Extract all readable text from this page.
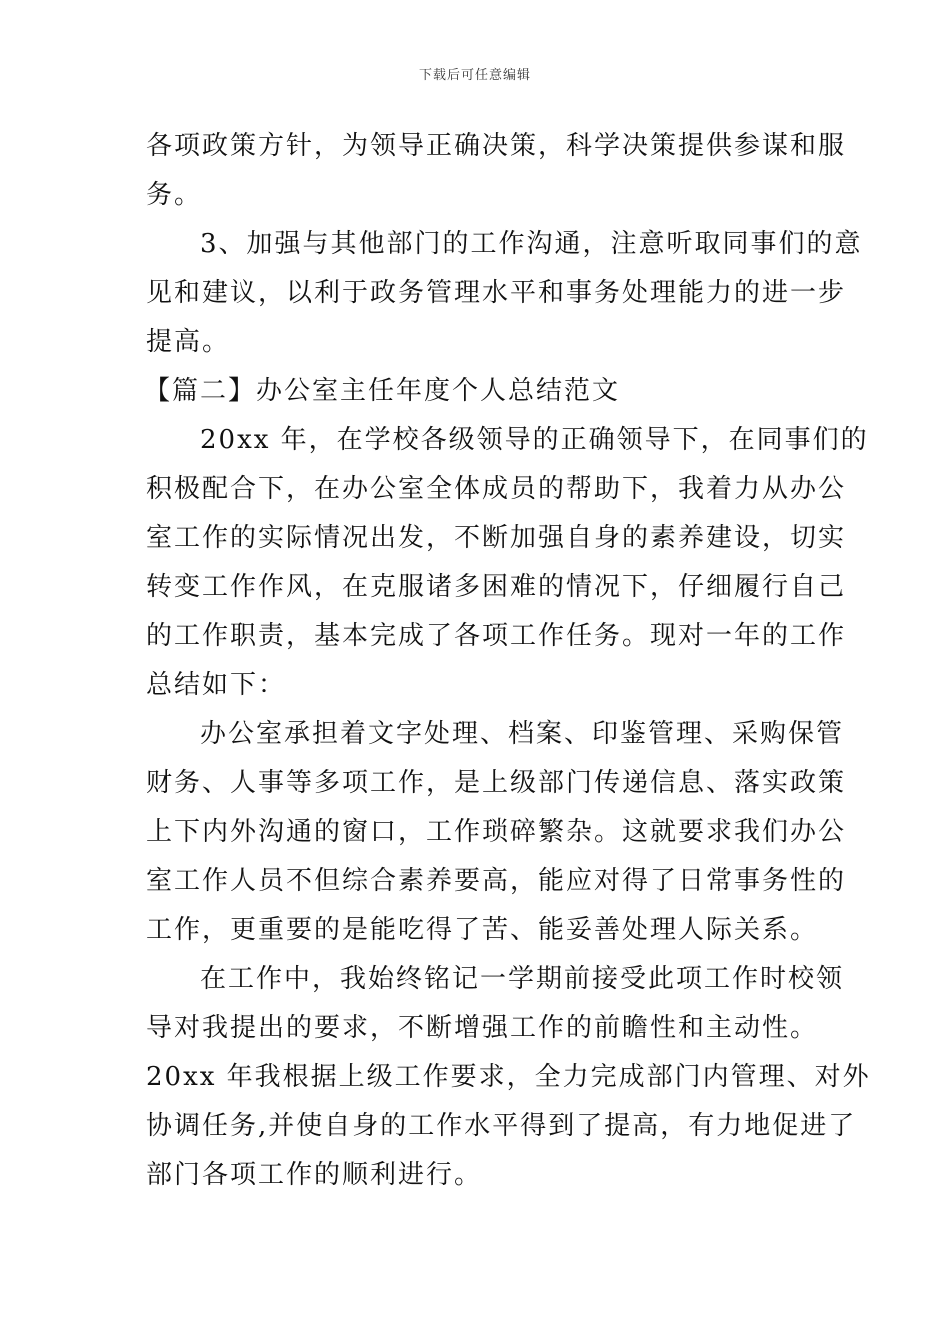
下载后可任意编辑

各项政策方针，为领导正确决策，科学决策提供参谋和服
务。

3、加强与其他部门的工作沟通，注意听取同事们的意
见和建议，以利于政务管理水平和事务处理能力的进一步
提高。

【篇二】办公室主任年度个人总结范文

20xx 年，在学校各级领导的正确领导下，在同事们的
积极配合下，在办公室全体成员的帮助下，我着力从办公
室工作的实际情况出发，不断加强自身的素养建设，切实
转变工作作风，在克服诸多困难的情况下，仔细履行自己
的工作职责，基本完成了各项工作任务。现对一年的工作
总结如下：

办公室承担着文字处理、档案、印鉴管理、采购保管
财务、人事等多项工作，是上级部门传递信息、落实政策
上下内外沟通的窗口，工作琐碎繁杂。这就要求我们办公
室工作人员不但综合素养要高，能应对得了日常事务性的
工作，更重要的是能吃得了苦、能妥善处理人际关系。

在工作中，我始终铭记一学期前接受此项工作时校领
导对我提出的要求，不断增强工作的前瞻性和主动性。
20xx 年我根据上级工作要求，全力完成部门内管理、对外
协调任务,并使自身的工作水平得到了提高，有力地促进了
部门各项工作的顺利进行。
